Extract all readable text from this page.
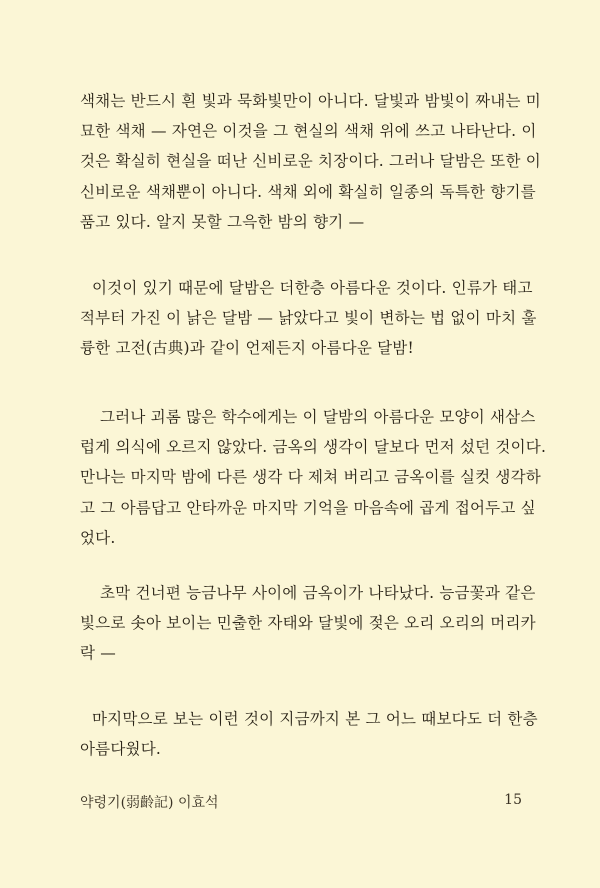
색채는 반드시 흰 빛과 묵화빛만이 아니다. 달빛과 밤빛이 짜내는 미
묘한 색채 — 자연은 이것을 그 현실의 색채 위에 쓰고 나타난다. 이
것은 확실히 현실을 떠난 신비로운 치장이다. 그러나 달밤은 또한 이
신비로운 색채뿐이 아니다. 색채 외에 확실히 일종의 독특한 향기를
품고 있다. 알지 못할 그윽한 밤의 향기 —
이것이 있기 때문에 달밤은 더한층 아름다운 것이다. 인류가 태고
적부터 가진 이 낡은 달밤 — 낡았다고 빛이 변하는 법 없이 마치 훌
륭한 고전(古典)과 같이 언제든지 아름다운 달밤!
그러나 괴롬 많은 학수에게는 이 달밤의 아름다운 모양이 새삼스
럽게 의식에 오르지 않았다. 금옥의 생각이 달보다 먼저 섰던 것이다.
만나는 마지막 밤에 다른 생각 다 제쳐 버리고 금옥이를 실컷 생각하
고 그 아름답고 안타까운 마지막 기억을 마음속에 곱게 접어두고 싶
었다.
초막 건너편 능금나무 사이에 금옥이가 나타났다. 능금꽃과 같은
빛으로 솟아 보이는 민출한 자태와 달빛에 젖은 오리 오리의 머리카
락 —
마지막으로 보는 이런 것이 지금까지 본 그 어느 때보다도 더 한층
아름다웠다.
약령기(弱齡記) 이효석	15
